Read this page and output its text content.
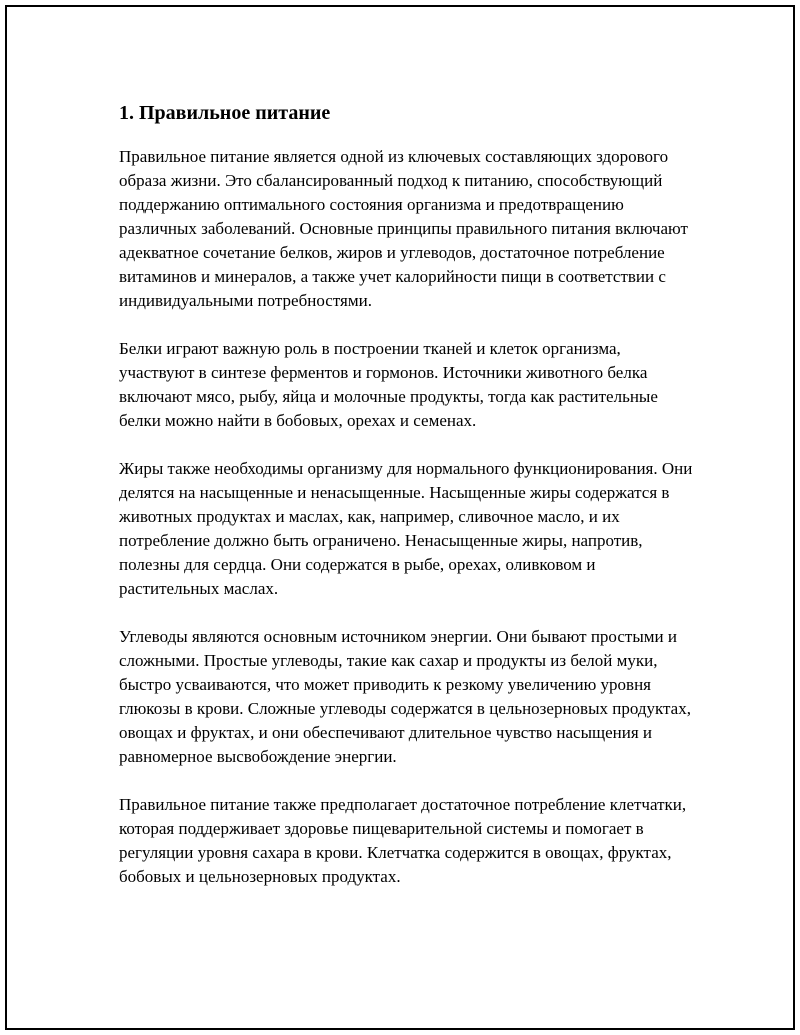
1. Правильное питание

Правильное питание является одной из ключевых составляющих здорового образа жизни. Это сбалансированный подход к питанию, способствующий поддержанию оптимального состояния организма и предотвращению различных заболеваний. Основные принципы правильного питания включают адекватное сочетание белков, жиров и углеводов, достаточное потребление витаминов и минералов, а также учет калорийности пищи в соответствии с индивидуальными потребностями.

Белки играют важную роль в построении тканей и клеток организма, участвуют в синтезе ферментов и гормонов. Источники животного белка включают мясо, рыбу, яйца и молочные продукты, тогда как растительные белки можно найти в бобовых, орехах и семенах.

Жиры также необходимы организму для нормального функционирования. Они делятся на насыщенные и ненасыщенные. Насыщенные жиры содержатся в животных продуктах и маслах, как, например, сливочное масло, и их потребление должно быть ограничено. Ненасыщенные жиры, напротив, полезны для сердца. Они содержатся в рыбе, орехах, оливковом и растительных маслах.

Углеводы являются основным источником энергии. Они бывают простыми и сложными. Простые углеводы, такие как сахар и продукты из белой муки, быстро усваиваются, что может приводить к резкому увеличению уровня глюкозы в крови. Сложные углеводы содержатся в цельнозерновых продуктах, овощах и фруктах, и они обеспечивают длительное чувство насыщения и равномерное высвобождение энергии.

Правильное питание также предполагает достаточное потребление клетчатки, которая поддерживает здоровье пищеварительной системы и помогает в регуляции уровня сахара в крови. Клетчатка содержится в овощах, фруктах, бобовых и цельнозерновых продуктах.
